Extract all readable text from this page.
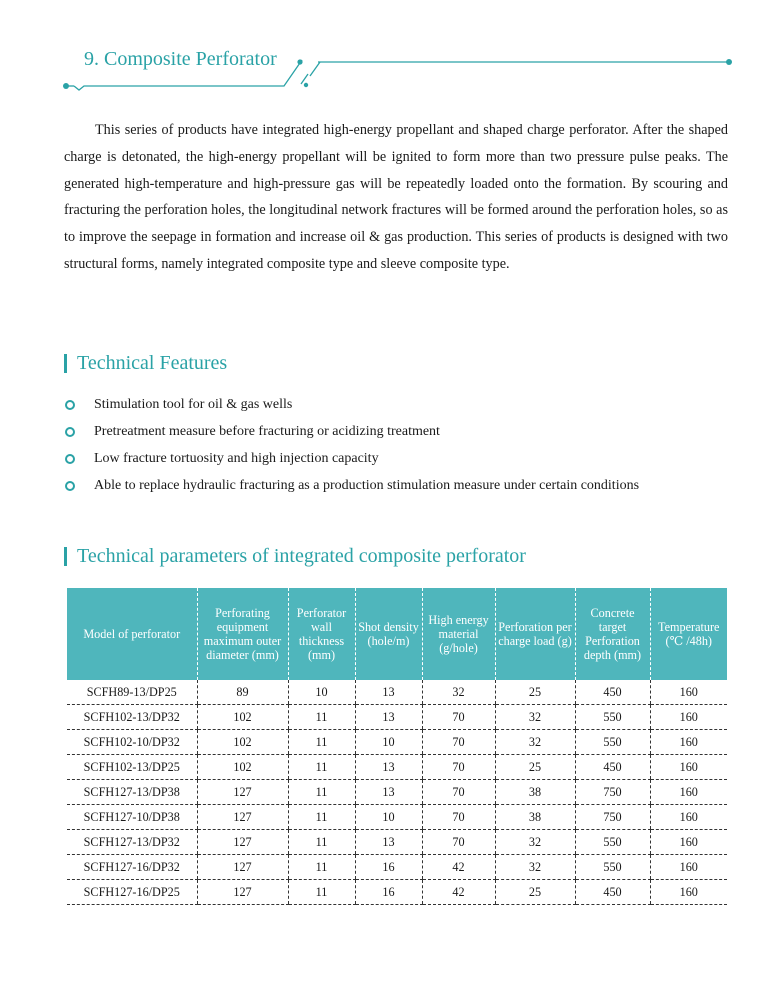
9. Composite Perforator

This series of products have integrated high-energy propellant and shaped charge perforator. After the shaped charge is detonated, the high-energy propellant will be ignited to form more than two pressure pulse peaks. The generated high-temperature and high-pressure gas will be repeatedly loaded onto the formation. By scouring and fracturing the perforation holes, the longitudinal network fractures will be formed around the perforation holes, so as to improve the seepage in formation and increase oil & gas production. This series of products is designed with two structural forms, namely integrated composite type and sleeve composite type.

Technical Features
Stimulation tool for oil & gas wells
Pretreatment measure before fracturing or acidizing treatment
Low fracture tortuosity and high injection capacity
Able to replace hydraulic fracturing as a production stimulation measure under certain conditions
Technical parameters of integrated composite perforator
Model of perforator	Perforating equipment maximum outer diameter (mm)	Perforator wall thickness (mm)	Shot density (hole/m)	High energy material (g/hole)	Perforation per charge load (g)	Concrete target Perforation depth (mm)	Temperature (℃ /48h)
SCFH89-13/DP25	89	10	13	32	25	450	160
SCFH102-13/DP32	102	11	13	70	32	550	160
SCFH102-10/DP32	102	11	10	70	32	550	160
SCFH102-13/DP25	102	11	13	70	25	450	160
SCFH127-13/DP38	127	11	13	70	38	750	160
SCFH127-10/DP38	127	11	10	70	38	750	160
SCFH127-13/DP32	127	11	13	70	32	550	160
SCFH127-16/DP32	127	11	16	42	32	550	160
SCFH127-16/DP25	127	11	16	42	25	450	160
